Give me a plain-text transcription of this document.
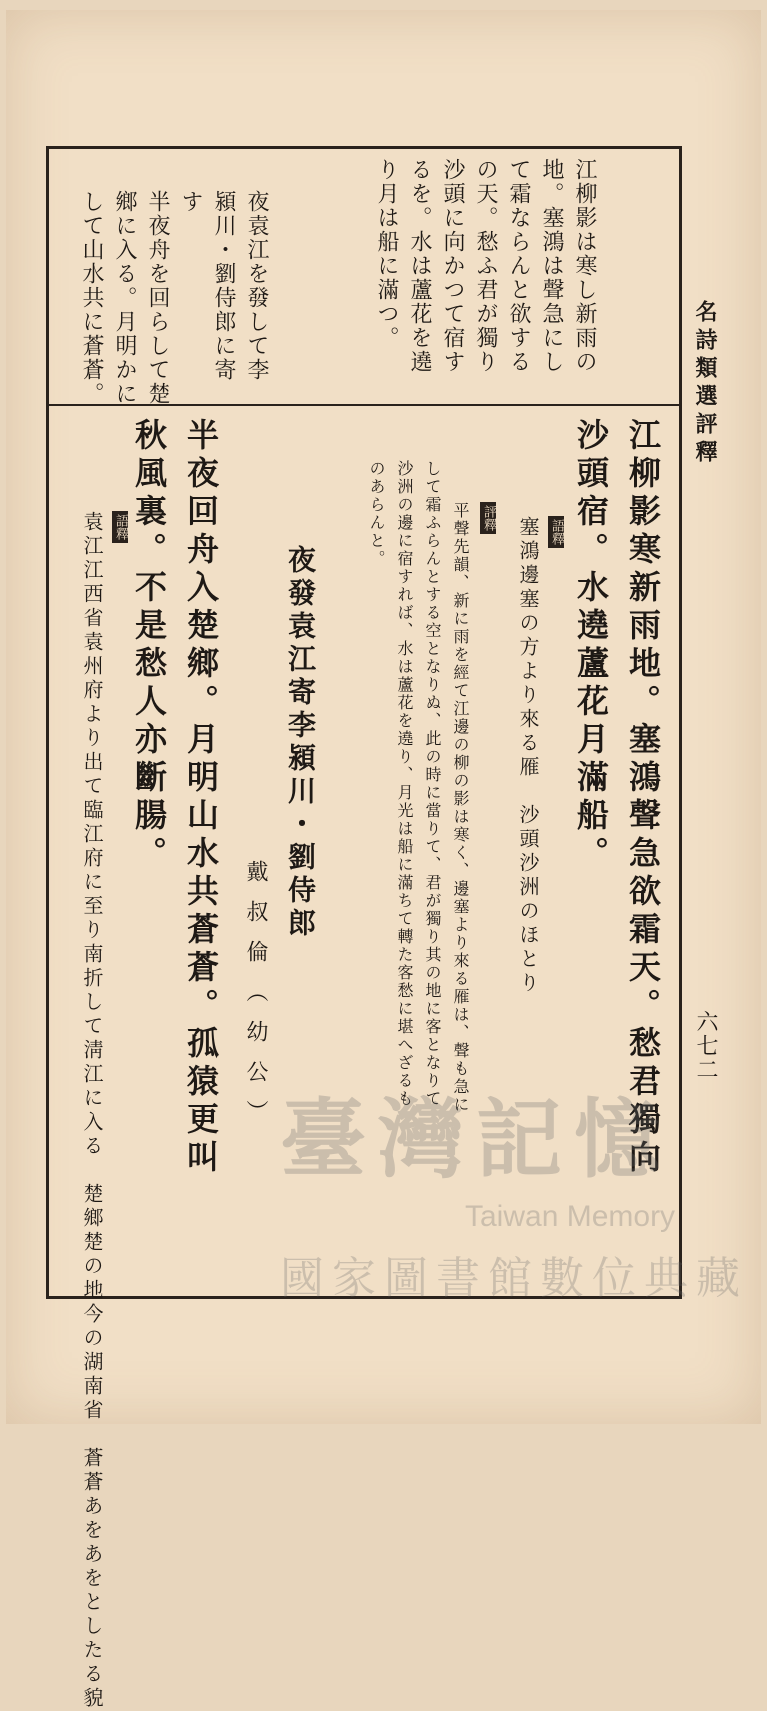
名詩類選評釋
六七二
江柳影は寒し新雨の
地。塞鴻は聲急にし
て霜ならんと欲する
の天。愁ふ君が獨り
沙頭に向かつて宿す
るを。水は蘆花を遶
り月は船に滿つ。
夜袁江を發して李
潁川・劉侍郎に寄
す
半夜舟を回らして楚
鄉に入る。月明かに
して山水共に蒼蒼。
江柳影寒新雨地。塞鴻聲急欲霜天。愁君獨向
沙頭宿。水遶蘆花月滿船。

語釋
塞鴻邊塞の方より來る雁　沙頭沙洲のほとり

評釋
平聲先韻、新に雨を經て江邊の柳の影は寒く、邊塞より來る雁は、聲も急に
して霜ふらんとする空となりぬ、此の時に當りて、君が獨り其の地に客となりて
沙洲の邊に宿すれば、水は蘆花を遶り、月光は船に滿ちて轉た客愁に堪へざるも
のあらんと。

夜發袁江寄李潁川・劉侍郎
戴叔倫（幼公）
半夜回舟入楚鄉。月明山水共蒼蒼。孤猿更叫
秋風裏。不是愁人亦斷腸。

語釋
袁江江西省袁州府より出て臨江府に至り南折して淸江に入る　楚鄉楚の地今の湖南省　蒼蒼あをあをとしたる貌	臺灣記憶
Taiwan Memory
國家圖書館數位典藏
